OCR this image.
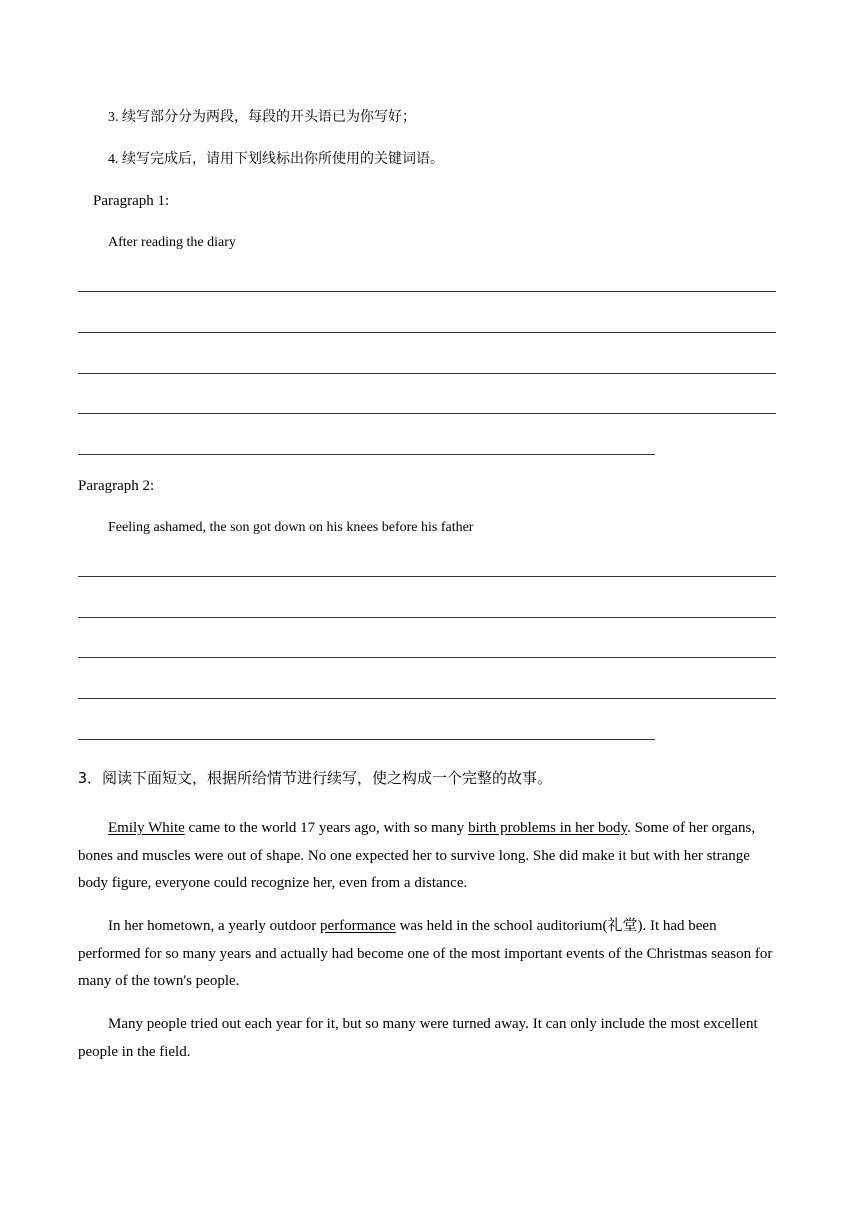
3. 续写部分分为两段，每段的开头语已为你写好；
4. 续写完成后，请用下划线标出你所使用的关键词语。
Paragraph 1:
After reading the diary
Paragraph 2:
Feeling ashamed, the son got down on his knees before his father
3．阅读下面短文，根据所给情节进行续写，使之构成一个完整的故事。
Emily White came to the world 17 years ago, with so many birth problems in her body. Some of her organs, bones and muscles were out of shape. No one expected her to survive long. She did make it but with her strange body figure, everyone could recognize her, even from a distance.
In her hometown, a yearly outdoor performance was held in the school auditorium(礼堂). It had been performed for so many years and actually had become one of the most important events of the Christmas season for many of the town's people.
Many people tried out each year for it, but so many were turned away. It can only include the most excellent people in the field.
